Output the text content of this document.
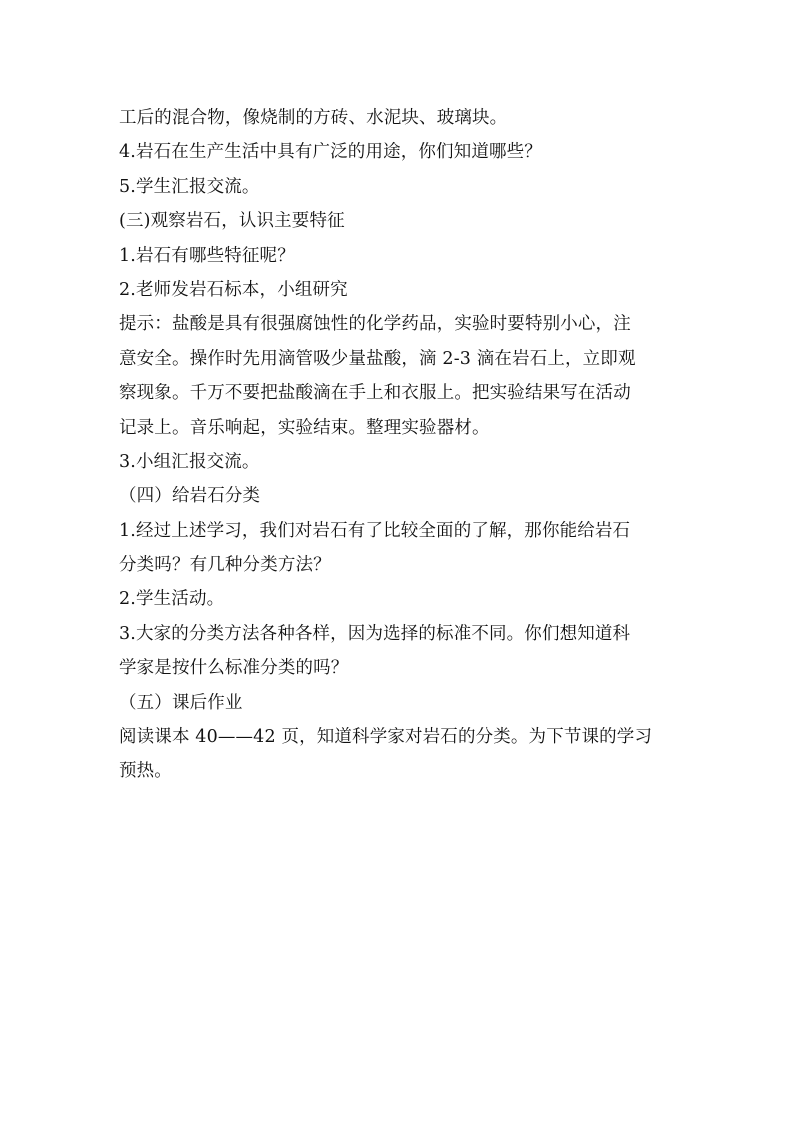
工后的混合物，像烧制的方砖、水泥块、玻璃块。
4.岩石在生产生活中具有广泛的用途，你们知道哪些？
5.学生汇报交流。
(三)观察岩石，认识主要特征
1.岩石有哪些特征呢？
2.老师发岩石标本，小组研究
提示：盐酸是具有很强腐蚀性的化学药品，实验时要特别小心，注
意安全。操作时先用滴管吸少量盐酸，滴 2-3 滴在岩石上，立即观
察现象。千万不要把盐酸滴在手上和衣服上。把实验结果写在活动
记录上。音乐响起，实验结束。整理实验器材。
3.小组汇报交流。
（四）给岩石分类
1.经过上述学习，我们对岩石有了比较全面的了解，那你能给岩石
分类吗？有几种分类方法？
2.学生活动。
3.大家的分类方法各种各样，因为选择的标准不同。你们想知道科
学家是按什么标准分类的吗？
（五）课后作业
阅读课本 40——42 页，知道科学家对岩石的分类。为下节课的学习
预热。
